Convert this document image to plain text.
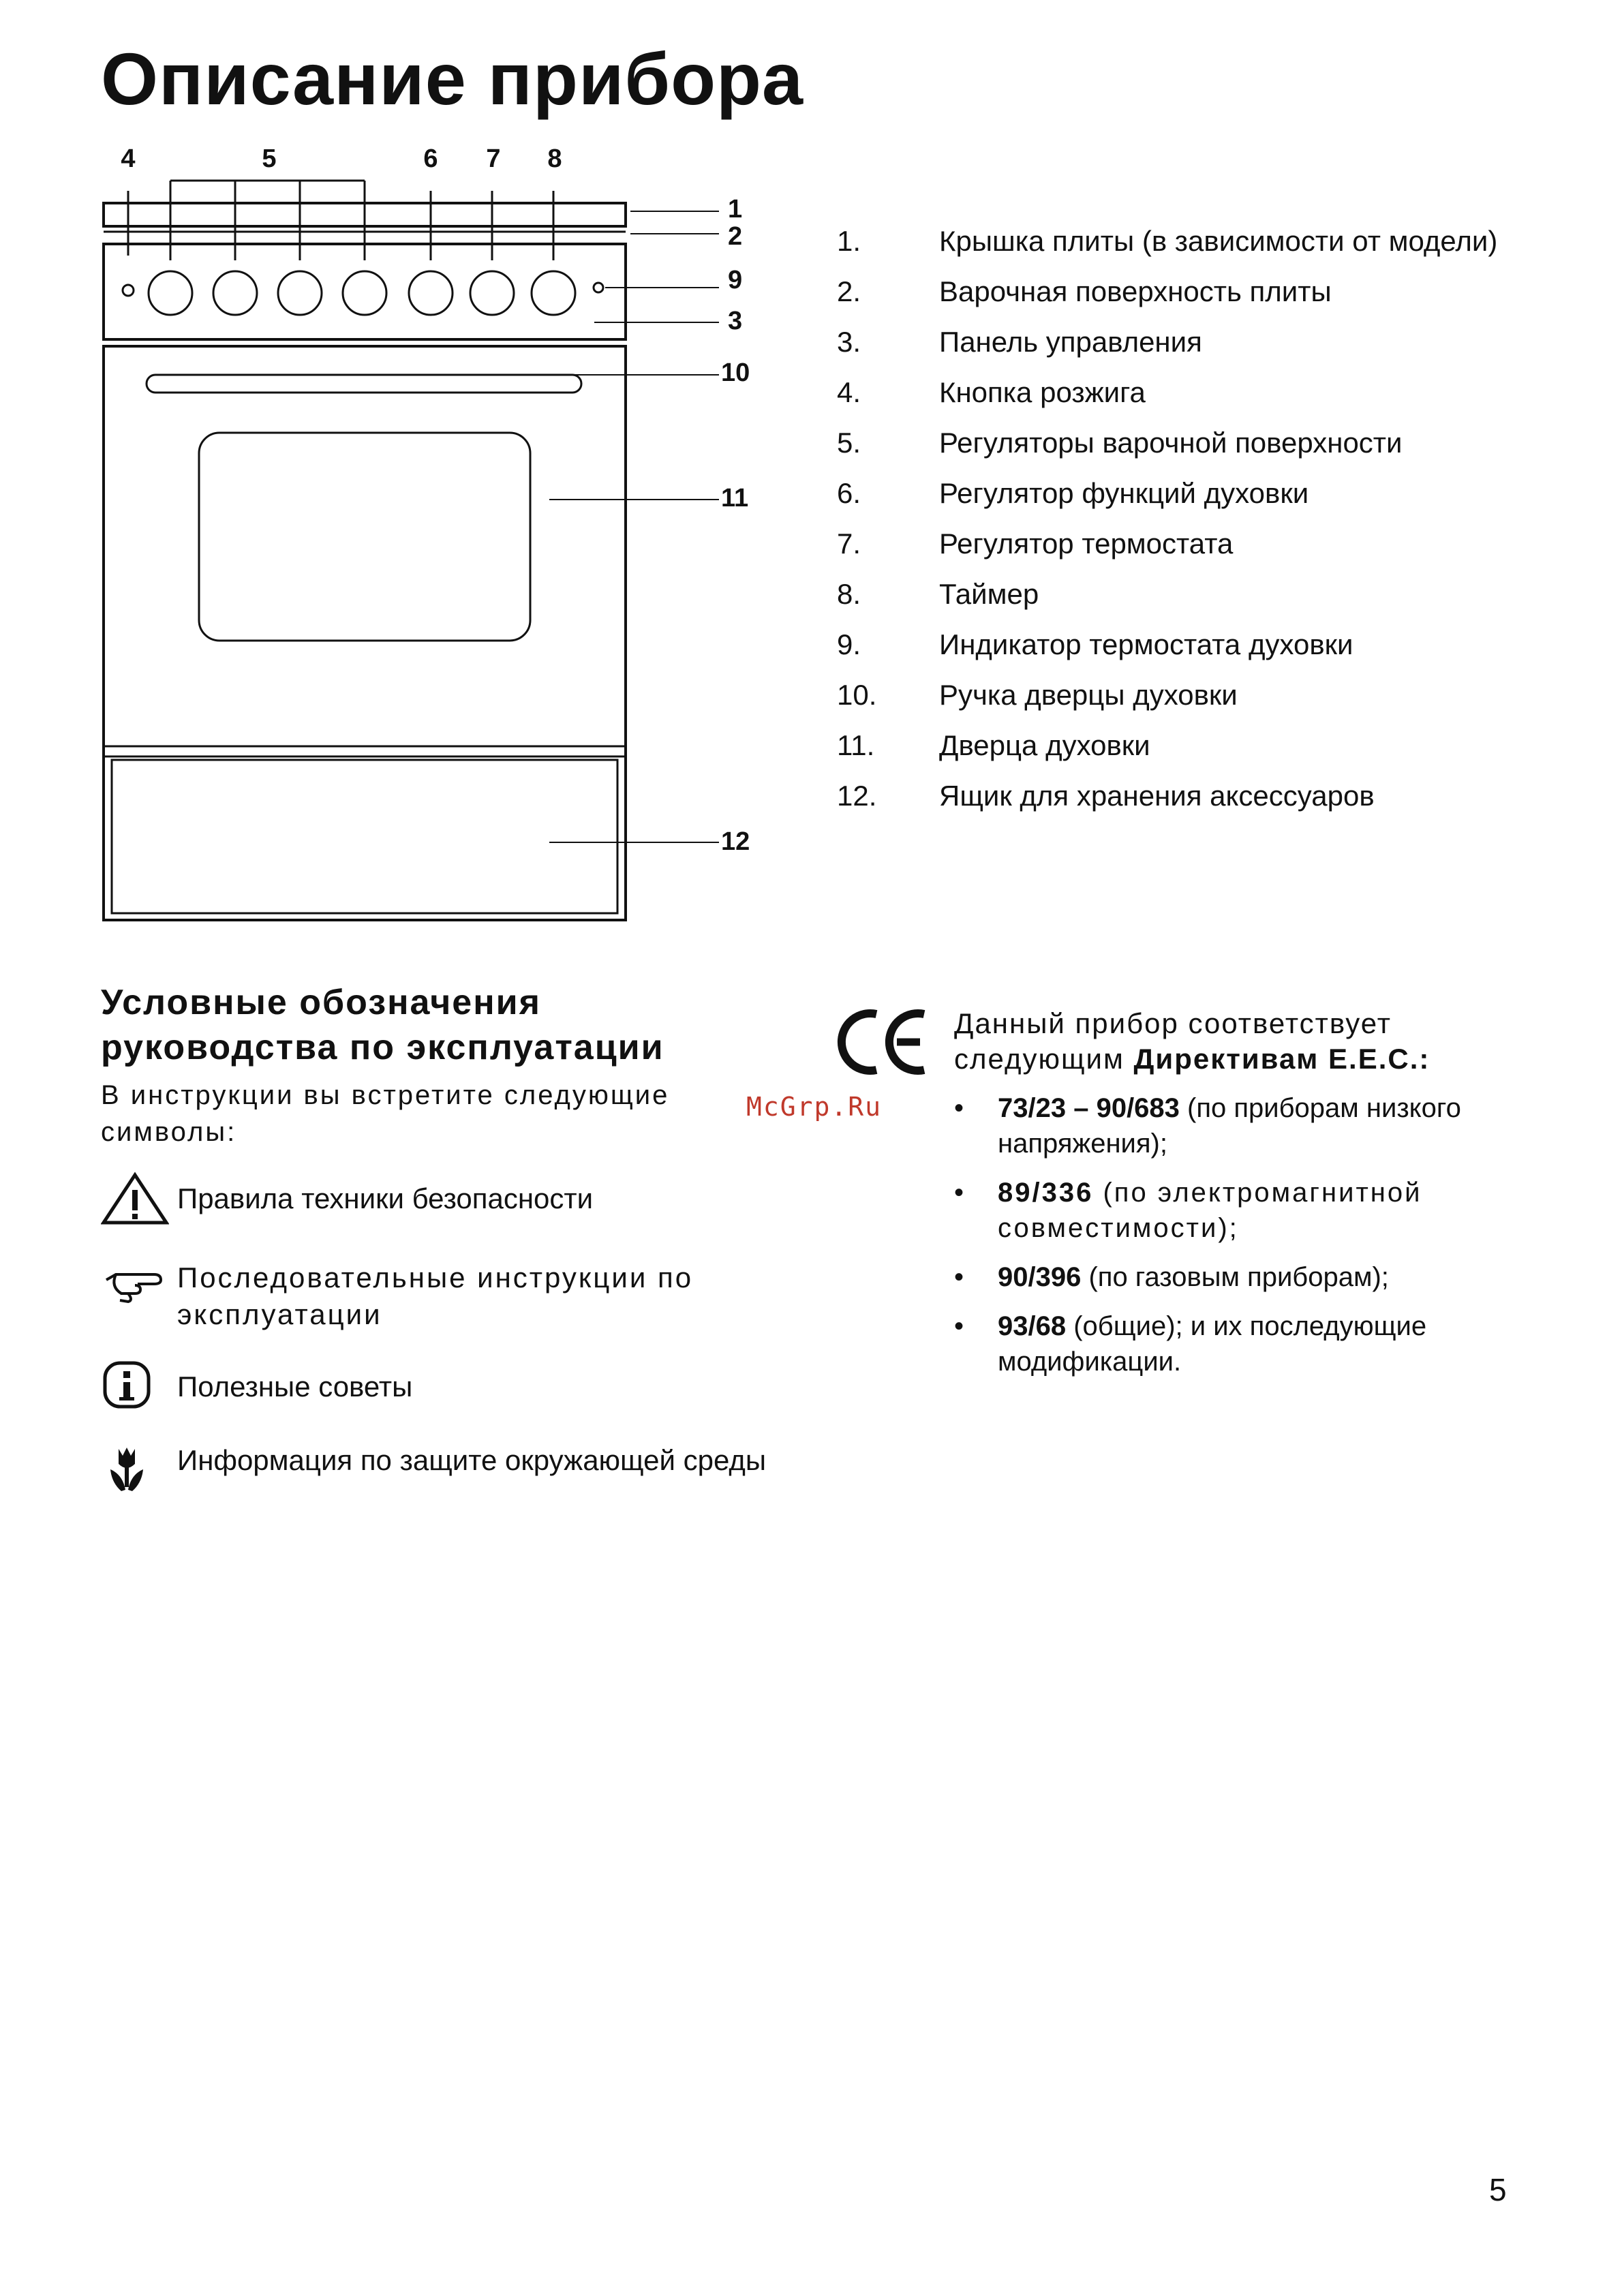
Описание прибора
4	5	6 7 8
1
2
9
3
10
11
12
1.	Крышка плиты (в зависимости от модели)
2.	Варочная поверхность плиты
3.	Панель управления
4.	Кнопка розжига
5.	Регуляторы варочной поверхности
6.	Регулятор функций духовки
7.	Регулятор термостата
8.	Таймер
9.	Индикатор термостата духовки
10.	Ручка дверцы духовки
11.	Дверца духовки
12.	Ящик для хранения аксессуаров
Условные обозначения
руководства по эксплуатации
В инструкции вы встретите следующие символы:
Правила техники безопасности
Последовательные инструкции по эксплуатации
Полезные советы
Информация по защите окружающей среды
Данный прибор соответствует следующим Директивам E.E.C.:
•	73/23 – 90/683 (по приборам низкого напряжения);
•	89/336 (по электромагнитной совместимости);
•	90/396 (по газовым приборам);
•	93/68 (общие); и их последующие модификации.
McGrp.Ru
5
